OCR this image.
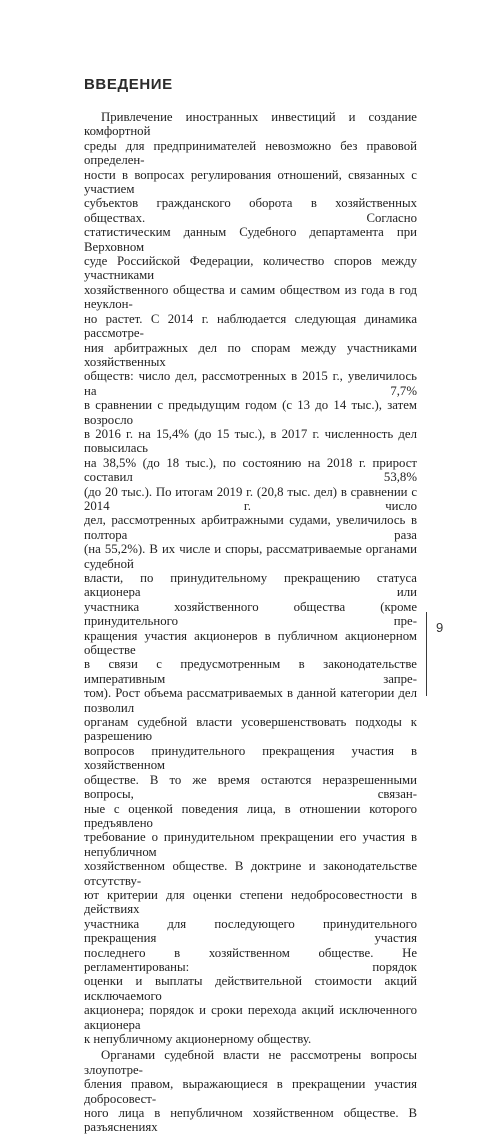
ВВЕДЕНИЕ

Привлечение иностранных инвестиций и создание комфортной

среды для предпринимателей невозможно без правовой определен-

ности в вопросах регулирования отношений, связанных с участием

субъектов гражданского оборота в хозяйственных обществах. Согласно

статистическим данным Судебного департамента при Верховном

суде Российской Федерации, количество споров между участниками

хозяйственного общества и самим обществом из года в год неуклон-

но растет. С 2014 г. наблюдается следующая динамика рассмотре-

ния арбитражных дел по спорам между участниками хозяйственных

обществ: число дел, рассмотренных в 2015 г., увеличилось на 7,7%

в сравнении с предыдущим годом (с 13 до 14 тыс.), затем возросло

в 2016 г. на 15,4% (до 15 тыс.), в 2017 г. численность дел повысилась

на 38,5% (до 18 тыс.), по состоянию на 2018 г. прирост составил 53,8%

(до 20 тыс.). По итогам 2019 г. (20,8 тыс. дел) в сравнении с 2014 г. число

дел, рассмотренных арбитражными судами, увеличилось в полтора раза

(на 55,2%). В их числе и споры, рассматриваемые органами судебной

власти, по принудительному прекращению статуса акционера или

участника хозяйственного общества (кроме принудительного пре-

кращения участия акционеров в публичном акционерном обществе

в связи с предусмотренным в законодательстве императивным запре-

том). Рост объема рассматриваемых в данной категории дел позволил

органам судебной власти усовершенствовать подходы к разрешению

вопросов принудительного прекращения участия в хозяйственном

обществе. В то же время остаются неразрешенными вопросы, связан-

ные с оценкой поведения лица, в отношении которого предъявлено

требование о принудительном прекращении его участия в непубличном

хозяйственном обществе. В доктрине и законодательстве отсутству-

ют критерии для оценки степени недобросовестности в действиях

участника для последующего принудительного прекращения участия

последнего в хозяйственном обществе. Не регламентированы: порядок

оценки и выплаты действительной стоимости акций исключаемого

акционера; порядок и сроки перехода акций исключенного акционера

к непубличному акционерному обществу.

Органами судебной власти не рассмотрены вопросы злоупотре-

бления правом, выражающиеся в прекращении участия добросовест-

ного лица в непубличном хозяйственном обществе. В разъяснениях

9
